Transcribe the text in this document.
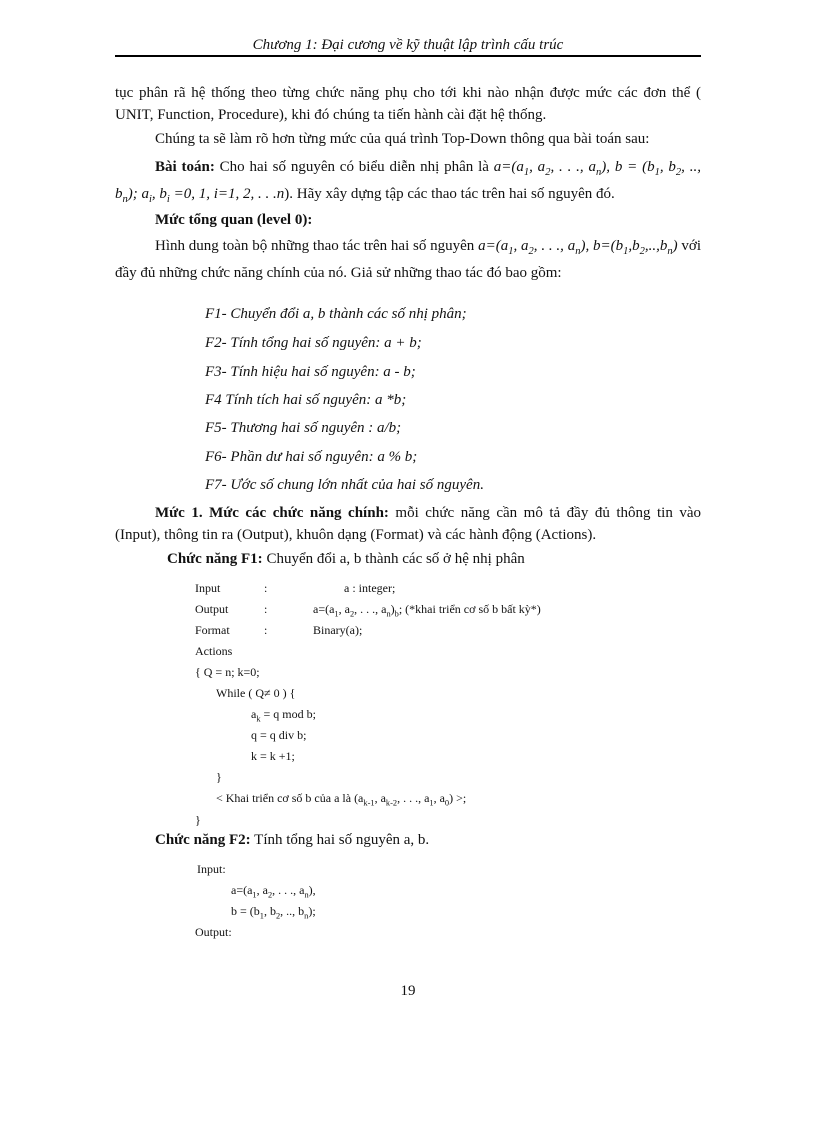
Chương 1: Đại cương về kỹ thuật lập trình cấu trúc

tục phân rã hệ thống theo từng chức năng phụ cho tới khi nào nhận được mức các đơn thể ( UNIT, Function, Procedure), khi đó chúng ta tiến hành cài đặt hệ thống.

Chúng ta sẽ làm rõ hơn từng mức của quá trình Top-Down thông qua bài toán sau:

Bài toán: Cho hai số nguyên có biểu diễn nhị phân là $a=(a_1$, $a_2$, . . ., $a_n$), $b = (b_1$, $b_2$, .., $b_n$); $a_i$, $b_i =0$, 1, i=1, 2, . . .n). Hãy xây dựng tập các thao tác trên hai số nguyên đó.

Mức tổng quan (level 0):

Hình dung toàn bộ những thao tác trên hai số nguyên $a=(a_1$, $a_2$, . . ., $a_n$), $b=(b_1,b_2,..,b_n)$ với đầy đủ những chức năng chính của nó. Giả sử những thao tác đó bao gồm:

F1- Chuyển đổi a, b thành các số nhị phân;
F2- Tính tổng hai số nguyên: a + b;
F3- Tính hiệu hai số nguyên: a - b;
F4 Tính tích hai số nguyên: a *b;
F5- Thương hai số nguyên : a/b;
F6- Phần dư hai số nguyên: a % b;
F7- Ước số chung lớn nhất của hai số nguyên.

Mức 1. Mức các chức năng chính: mỗi chức năng cần mô tả đầy đủ thông tin vào (Input), thông tin ra (Output), khuôn dạng (Format) và các hành động (Actions).

Chức năng F1: Chuyển đổi a, b thành các số ở hệ nhị phân
Input	:	a : integer;
Output	:	$a=(a_1$, $a_2$, . . ., $a_n)_b$; (*khai triển cơ số b bất kỳ*)
Format	:	Binary(a);
Actions
{ Q = n; k=0;
While ( Q≠ 0 ) {
$a_k = q$ mod b;
q = q div b;
k = k +1;
}
< Khai triển cơ số b của a là ($a_{k-1}$, $a_{k-2}$, . . ., $a_1$, $a_0$) >;
}
Chức năng F2: Tính tổng hai số nguyên a, b.
Input:
$a=(a_1$, $a_2$, . . ., $a_n$),
$b = (b_1$, $b_2$, .., $b_n$);
Output:
19
